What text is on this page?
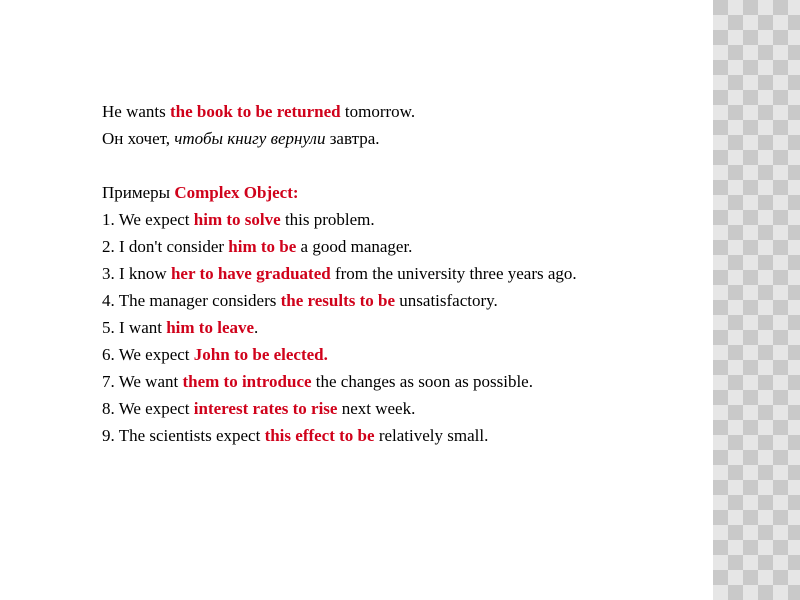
He wants the book to be returned tomorrow.
Он хочет, чтобы книгу вернули завтра.
Примеры Complex Object:
1. We expect him to solve this problem.
2. I don't consider him to be a good manager.
3. I know her to have graduated from the university three years ago.
4. The manager considers the results to be unsatisfactory.
5. I want him to leave.
6. We expect John to be elected.
7. We want them to introduce the changes as soon as possible.
8. We expect interest rates to rise next week.
9. The scientists expect this effect to be relatively small.
